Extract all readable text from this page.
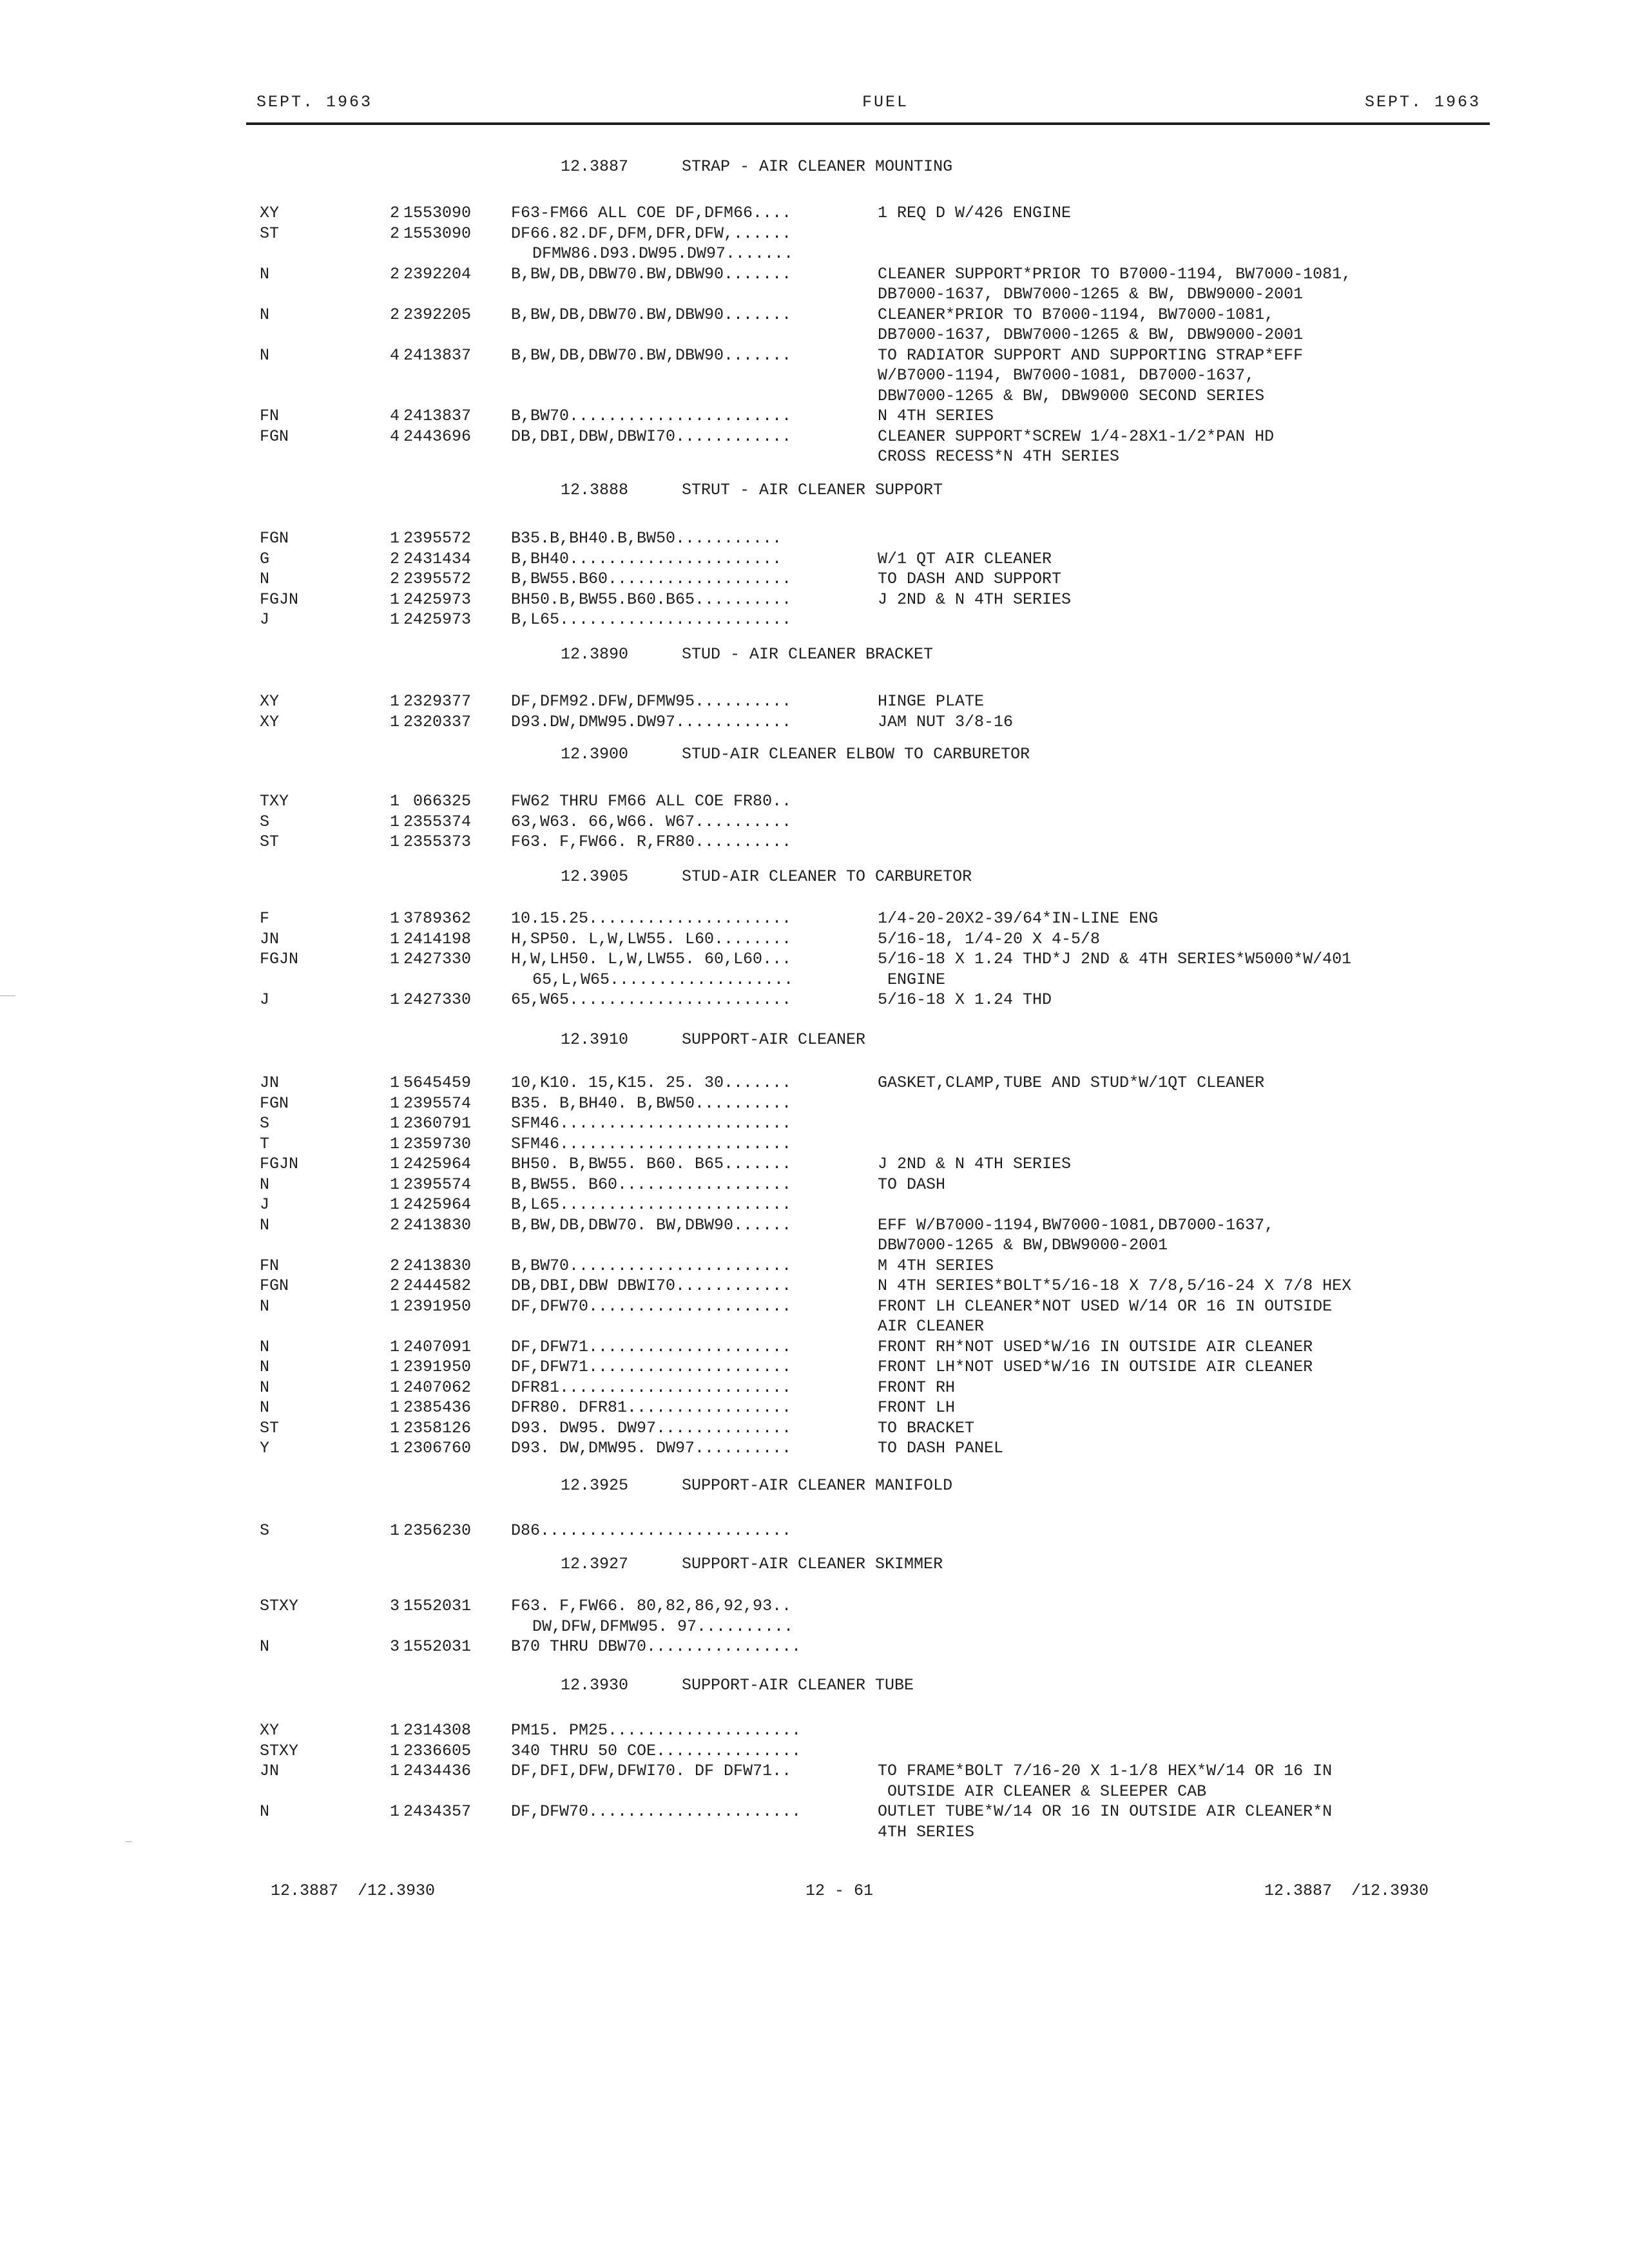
SEPT. 1963	FUEL	SEPT. 1963
12.3887	STRAP - AIR CLEANER MOUNTING
XY	2 1553090 F63-FM66 ALL COE DF,DFM66....	1 REQ D W/426 ENGINE
ST	2 1553090 DF66.82.DF,DFM,DFR,DFW,......
DFMW86.D93.DW95.DW97.......
N	2 2392204 B,BW,DB,DBW70.BW,DBW90.......	CLEANER SUPPORT*PRIOR TO B7000-1194, BW7000-1081,
DB7000-1637, DBW7000-1265 & BW, DBW9000-2001
N	2 2392205 B,BW,DB,DBW70.BW,DBW90.......	CLEANER*PRIOR TO B7000-1194, BW7000-1081,
DB7000-1637, DBW7000-1265 & BW, DBW9000-2001
N	4 2413837 B,BW,DB,DBW70.BW,DBW90.......	TO RADIATOR SUPPORT AND SUPPORTING STRAP*EFF
W/B7000-1194, BW7000-1081, DB7000-1637,
DBW7000-1265 & BW, DBW9000 SECOND SERIES
FN	4 2413837 B,BW70.......................	N 4TH SERIES
FGN	4 2443696 DB,DBI,DBW,DBWI70............	CLEANER SUPPORT*SCREW 1/4-28X1-1/2*PAN HD
CROSS RECESS*N 4TH SERIES
12.3888	STRUT - AIR CLEANER SUPPORT
FGN	1 2395572 B35.B,BH40.B,BW50...........
G	2 2431434 B,BH40......................	W/1 QT AIR CLEANER
N	2 2395572 B,BW55.B60...................	TO DASH AND SUPPORT
FGJN	1 2425973 BH50.B,BW55.B60.B65..........	J 2ND & N 4TH SERIES
J	1 2425973 B,L65........................
12.3890	STUD - AIR CLEANER BRACKET
XY	1 2329377 DF,DFM92.DFW,DFMW95..........	HINGE PLATE
XY	1 2320337 D93.DW,DMW95.DW97............	JAM NUT 3/8-16
12.3900	STUD-AIR CLEANER ELBOW TO CARBURETOR
TXY	1 066325 FW62 THRU FM66 ALL COE FR80..
S	1 2355374 63,W63. 66,W66. W67..........
ST	1 2355373 F63. F,FW66. R,FR80..........
12.3905	STUD-AIR CLEANER TO CARBURETOR
F	1 3789362 10.15.25.....................	1/4-20-20X2-39/64*IN-LINE ENG
JN	1 2414198 H,SP50. L,W,LW55. L60........	5/16-18, 1/4-20 X 4-5/8
FGJN	1 2427330 H,W,LH50. L,W,LW55. 60,L60...	5/16-18 X 1.24 THD*J 2ND & 4TH SERIES*W5000*W/401
65,L,W65...................	ENGINE
J	1 2427330 65,W65.......................	5/16-18 X 1.24 THD
12.3910	SUPPORT-AIR CLEANER
JN	1 5645459 10,K10. 15,K15. 25. 30.......	GASKET,CLAMP,TUBE AND STUD*W/1QT CLEANER
FGN	1 2395574 B35. B,BH40. B,BW50..........
S	1 2360791 SFM46........................
T	1 2359730 SFM46........................
FGJN	1 2425964 BH50. B,BW55. B60. B65.......	J 2ND & N 4TH SERIES
N	1 2395574 B,BW55. B60..................	TO DASH
J	1 2425964 B,L65........................
N	2 2413830 B,BW,DB,DBW70. BW,DBW90......	EFF W/B7000-1194,BW7000-1081,DB7000-1637,
DBW7000-1265 & BW,DBW9000-2001
FN	2 2413830 B,BW70.......................	M 4TH SERIES
FGN	2 2444582 DB,DBI,DBW DBWI70............	N 4TH SERIES*BOLT*5/16-18 X 7/8,5/16-24 X 7/8 HEX
N	1 2391950 DF,DFW70.....................	FRONT LH CLEANER*NOT USED W/14 OR 16 IN OUTSIDE
AIR CLEANER
N	1 2407091 DF,DFW71.....................	FRONT RH*NOT USED*W/16 IN OUTSIDE AIR CLEANER
N	1 2391950 DF,DFW71.....................	FRONT LH*NOT USED*W/16 IN OUTSIDE AIR CLEANER
N	1 2407062 DFR81........................	FRONT RH
N	1 2385436 DFR80. DFR81.................	FRONT LH
ST	1 2358126 D93. DW95. DW97..............	TO BRACKET
Y	1 2306760 D93. DW,DMW95. DW97..........	TO DASH PANEL
12.3925	SUPPORT-AIR CLEANER MANIFOLD
S	1 2356230 D86..........................
12.3927	SUPPORT-AIR CLEANER SKIMMER
STXY	3 1552031 F63. F,FW66. 80,82,86,92,93..
DW,DFW,DFMW95. 97..........
N	3 1552031 B70 THRU DBW70................
12.3930	SUPPORT-AIR CLEANER TUBE
XY	1 2314308 PM15. PM25....................
STXY	1 2336605 340 THRU 50 COE...............
JN	1 2434436 DF,DFI,DFW,DFWI70. DF DFW71..	TO FRAME*BOLT 7/16-20 X 1-1/8 HEX*W/14 OR 16 IN
OUTSIDE AIR CLEANER & SLEEPER CAB
N	1 2434357 DF,DFW70......................	OUTLET TUBE*W/14 OR 16 IN OUTSIDE AIR CLEANER*N
4TH SERIES
12.3887  /12.3930	12 - 61	12.3887  /12.3930
